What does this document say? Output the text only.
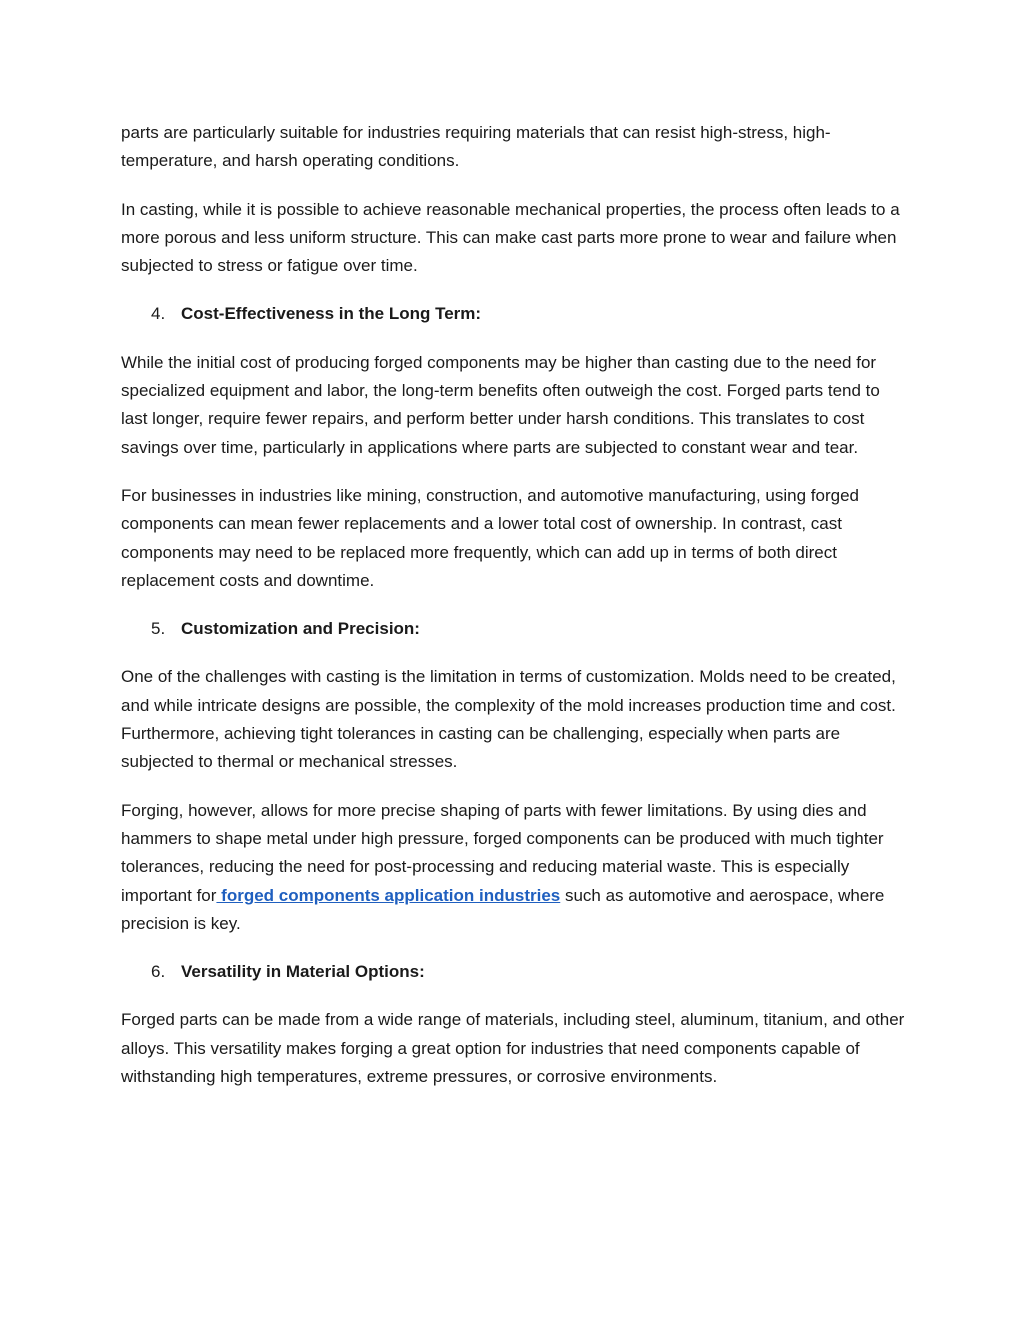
parts are particularly suitable for industries requiring materials that can resist high-stress, high-temperature, and harsh operating conditions.

In casting, while it is possible to achieve reasonable mechanical properties, the process often leads to a more porous and less uniform structure. This can make cast parts more prone to wear and failure when subjected to stress or fatigue over time.

4. Cost-Effectiveness in the Long Term:

While the initial cost of producing forged components may be higher than casting due to the need for specialized equipment and labor, the long-term benefits often outweigh the cost. Forged parts tend to last longer, require fewer repairs, and perform better under harsh conditions. This translates to cost savings over time, particularly in applications where parts are subjected to constant wear and tear.

For businesses in industries like mining, construction, and automotive manufacturing, using forged components can mean fewer replacements and a lower total cost of ownership. In contrast, cast components may need to be replaced more frequently, which can add up in terms of both direct replacement costs and downtime.

5. Customization and Precision:

One of the challenges with casting is the limitation in terms of customization. Molds need to be created, and while intricate designs are possible, the complexity of the mold increases production time and cost. Furthermore, achieving tight tolerances in casting can be challenging, especially when parts are subjected to thermal or mechanical stresses.

Forging, however, allows for more precise shaping of parts with fewer limitations. By using dies and hammers to shape metal under high pressure, forged components can be produced with much tighter tolerances, reducing the need for post-processing and reducing material waste. This is especially important for forged components application industries such as automotive and aerospace, where precision is key.

6. Versatility in Material Options:

Forged parts can be made from a wide range of materials, including steel, aluminum, titanium, and other alloys. This versatility makes forging a great option for industries that need components capable of withstanding high temperatures, extreme pressures, or corrosive environments.
